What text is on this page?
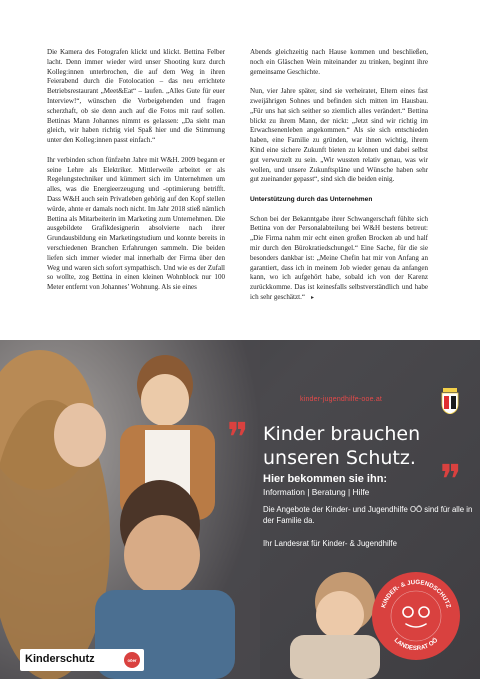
Die Kamera des Fotografen klickt und klickt. Bettina Felber lacht. Denn immer wieder wird unser Shooting kurz durch Kolleg:innen unterbrochen, die auf dem Weg in ihren Feierabend durch die Fotolocation – das neu errichtete Betriebsrestaurant „Meet&Eat“ – laufen. „Alles Gute für euer Interview!“, wünschen die Vorbeigehenden und fragen scherzhaft, ob sie denn auch auf die Fotos mit rauf sollen. Bettinas Mann Johannes nimmt es gelassen: „Da sieht man gleich, wir haben richtig viel Spaß hier und die Stimmung unter den Kolleg:innen passt einfach.“

Ihr verbinden schon fünfzehn Jahre mit W&H. 2009 begann er seine Lehre als Elektriker. Mittlerweile arbeitet er als Regelungstechniker und kümmert sich im Unternehmen um alles, was die Energieerzeugung und -optimierung betrifft. Dass W&H auch sein Privatleben gehörig auf den Kopf stellen würde, ahnte er damals noch nicht. Im Jahr 2018 stieß nämlich Bettina als Mitarbeiterin im Marketing zum Unternehmen. Die ausgebildete Grafikdesignerin absolvierte nach ihrer Grundausbildung ein Marketingstudium und konnte bereits in verschiedenen Branchen Erfahrungen sammeln. Die beiden liefen sich immer wieder mal innerhalb der Firma über den Weg und waren sich sofort sympathisch. Und wie es der Zufall so wollte, zog Bettina in einen kleinen Wohnblock nur 100 Meter entfernt von Johannes’ Wohnung. Als sie eines

Abends gleichzeitig nach Hause kommen und beschließen, noch ein Gläschen Wein miteinander zu trinken, beginnt ihre gemeinsame Geschichte.

Nun, vier Jahre später, sind sie verheiratet, Eltern eines fast zweijährigen Sohnes und befinden sich mitten im Hausbau. „Für uns hat sich seither so ziemlich alles verändert.“ Bettina blickt zu ihrem Mann, der nickt: „Jetzt sind wir richtig im Erwachsenenleben angekommen.“ Als sie sich entschieden haben, eine Familie zu gründen, war ihnen wichtig, ihrem Kind eine sichere Zukunft bieten zu können und dabei selbst gut verwurzelt zu sein. „Wir wussten relativ genau, was wir wollen, und unsere Zukunftspläne und Wünsche haben sehr gut zueinander gepasst“, sind sich die beiden einig.

Unterstützung durch das Unternehmen

Schon bei der Bekanntgabe ihrer Schwangerschaft fühlte sich Bettina von der Personalabteilung bei W&H bestens betreut: „Die Firma nahm mir echt einen großen Brocken ab und half mir durch den Bürokratiedschungel.“ Eine Sache, für die sie besonders dankbar ist: „Meine Chefin hat mir von Anfang an garantiert, dass ich in meinem Job wieder genau da anfangen kann, wo ich aufgehört habe, sobald ich von der Karenz zurückkomme. Das ist keinesfalls selbstverständlich und habe ich sehr geschätzt.“ ▸

kinder-jugendhilfe-ooe.at
❞ Kinder brauchen unseren Schutz. ❞
Hier bekommen sie ihn:
Information | Beratung | Hilfe
Die Angebote der Kinder- und Jugendhilfe OÖ sind für alle in der Familie da.
Ihr Landesrat für Kinder- & Jugendhilfe
KINDER- & JUGENDSCHUTZ
LANDESRAT OÖ
Kinderschutz	oöer
